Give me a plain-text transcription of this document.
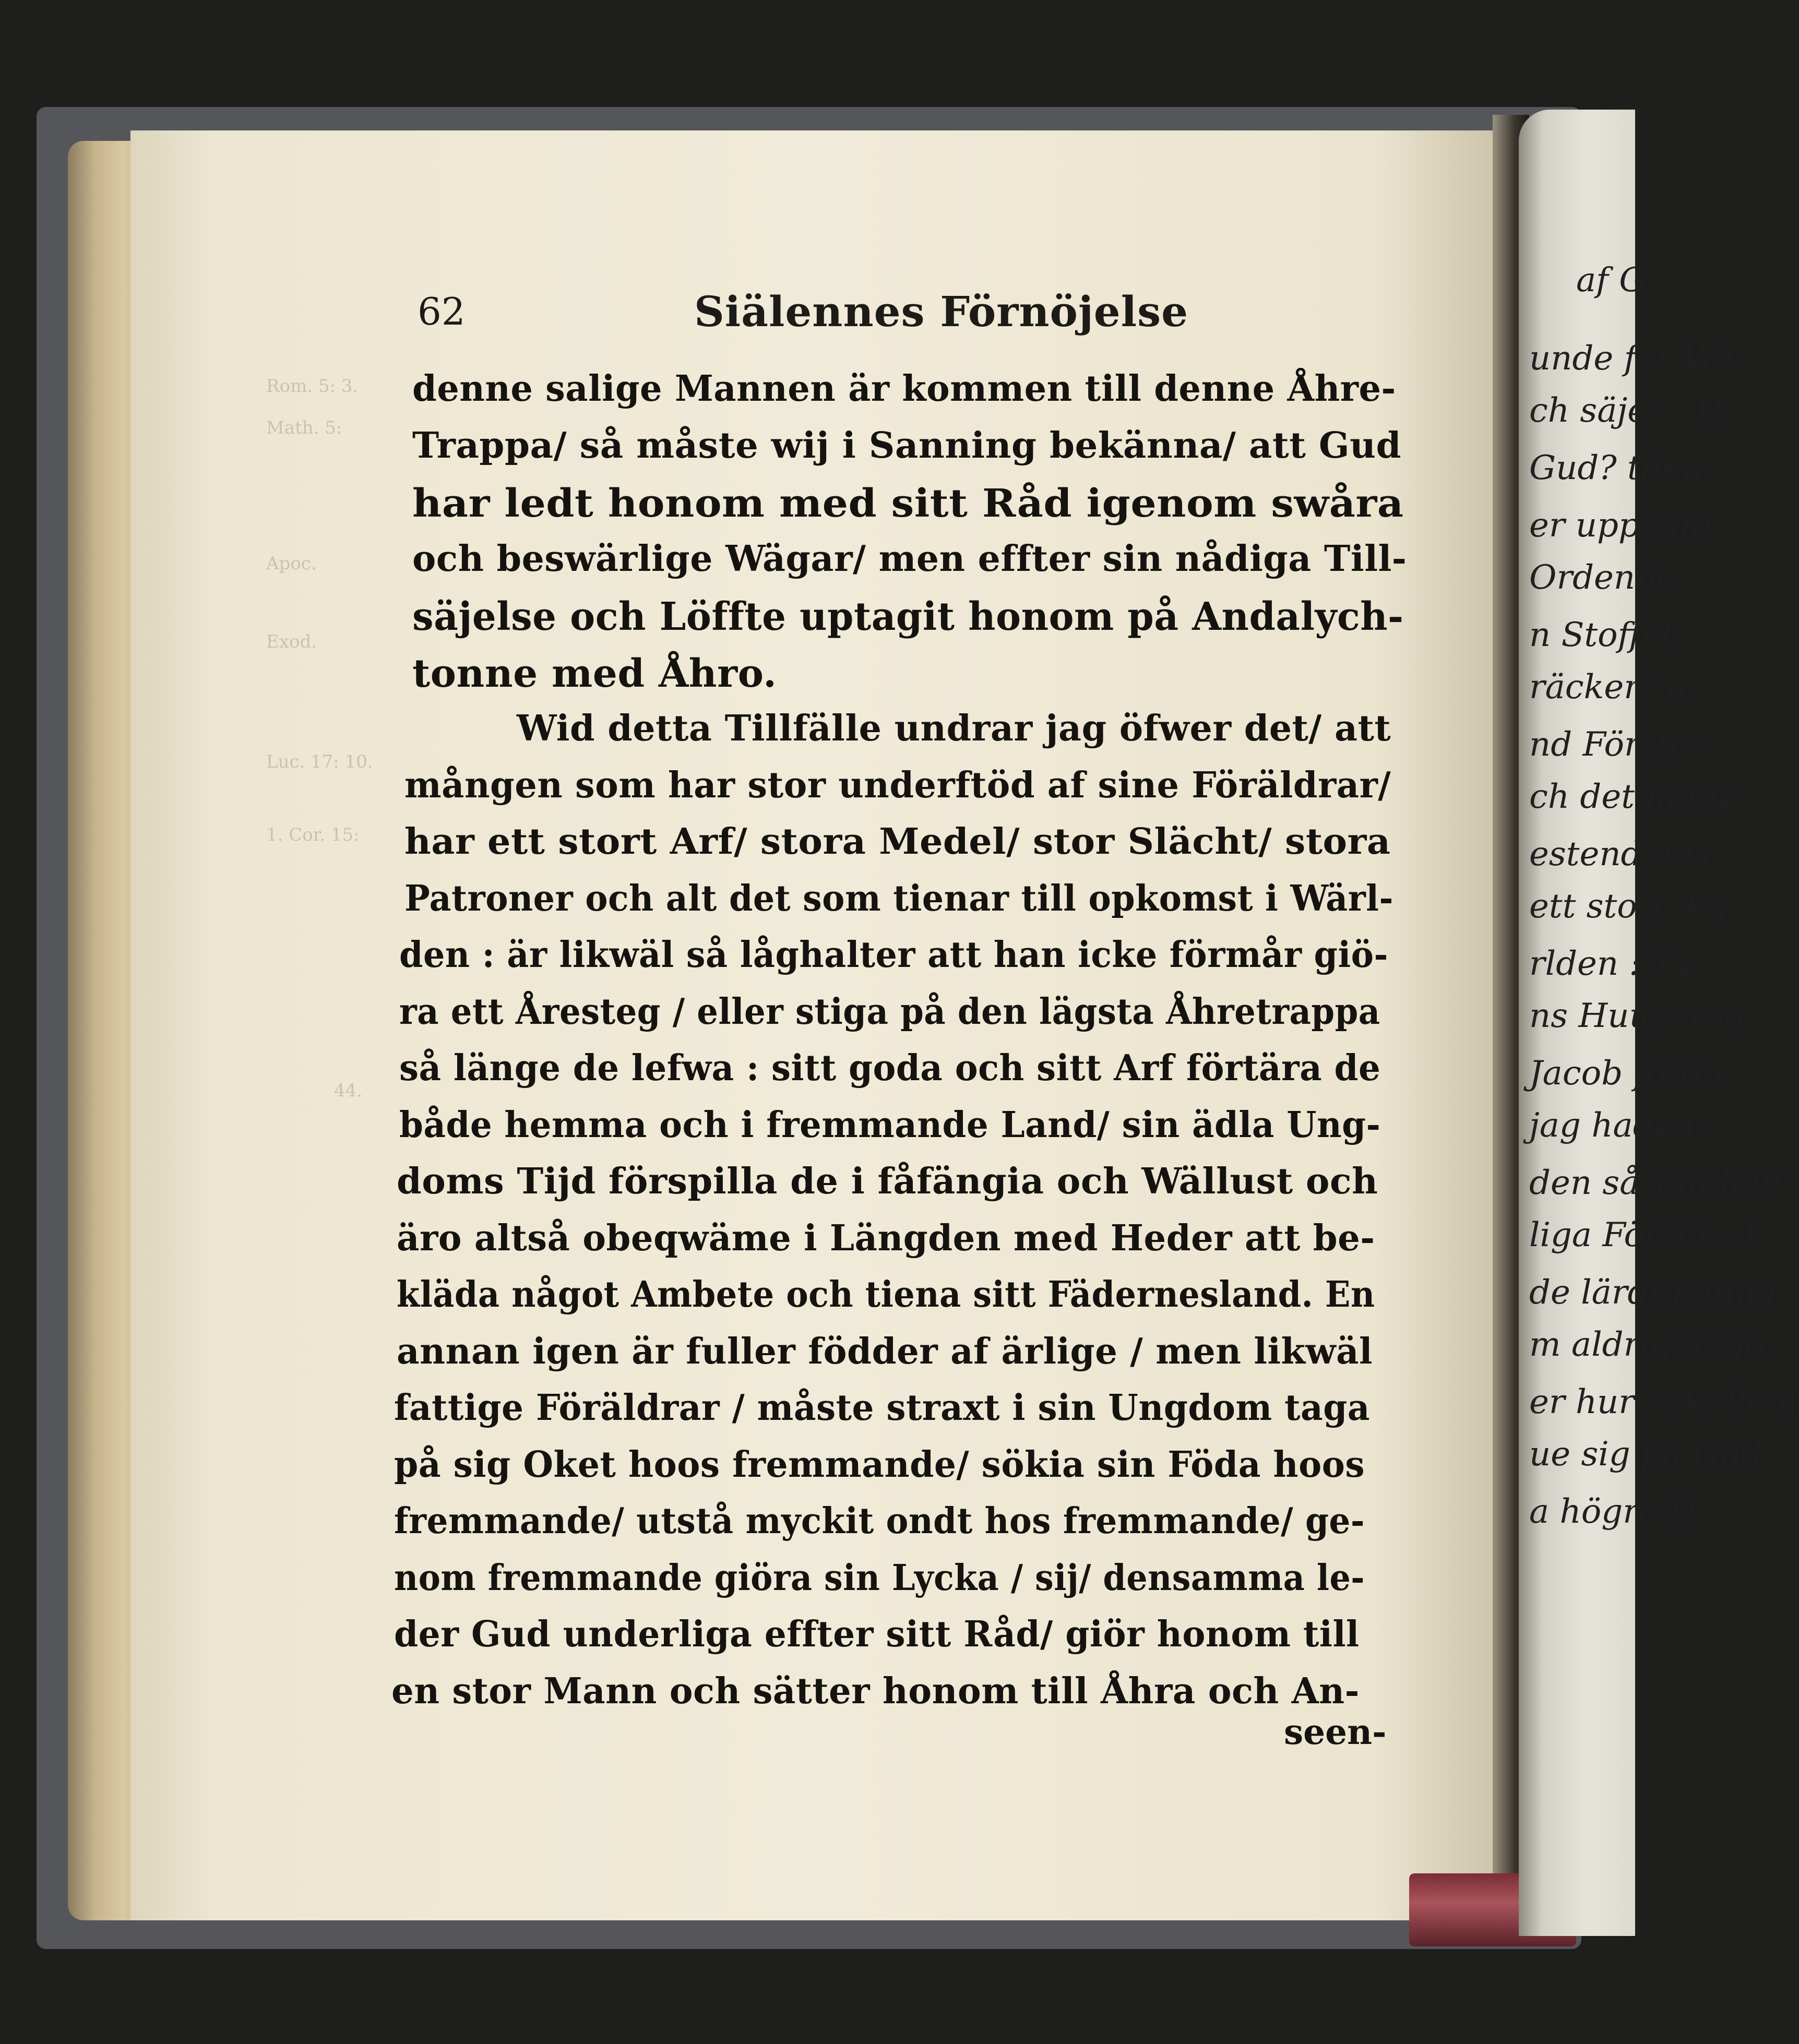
af G
unde för Wä
ch säjer : H
Gud? then
er uppå de
Ordenne.
n Stoffet
räcken/ a
nd Förstar
ch det måge
estendoms
ett stort Arf
rlden : Ty
ns Huus/ red
Jacob fordo
jag hade ic
den såsom han
liga Försorg t
de lärdt känna
m aldrig någo
er huru skulle h
ue sig på Gud
a högra H
Rom. 5: 3.
Math. 5:
Apoc.
Exod.
Luc. 17: 10.
1. Cor. 15:
44.
62	Siälennes Förnöjelse
denne salige Mannen är kommen till denne Åhre-
Trappa/ så måste wij i Sanning bekänna/ att Gud
har ledt honom med sitt Råd igenom swåra
och beswärlige Wägar/ men effter sin nådiga Till-
säjelse och Löffte uptagit honom på Andalych-
tonne med Åhro.
Wid detta Tillfälle undrar jag öfwer det/ att
mången som har stor underftöd af sine Föräldrar/
har ett stort Arf/ stora Medel/ stor Slächt/ stora
Patroner och alt det som tienar till opkomst i Wärl-
den : är likwäl så låghalter att han icke förmår giö-
ra ett Åresteg / eller stiga på den lägsta Åhretrappa
så länge de lefwa : sitt goda och sitt Arf förtära de
både hemma och i fremmande Land/ sin ädla Ung-
doms Tijd förspilla de i fåfängia och Wällust och
äro altså obeqwäme i Längden med Heder att be-
kläda något Ambete och tiena sitt Fädernesland. En
annan igen är fuller födder af ärlige / men likwäl
fattige Föräldrar / måste straxt i sin Ungdom taga
på sig Oket hoos fremmande/ sökia sin Föda hoos
fremmande/ utstå myckit ondt hos fremmande/ ge-
nom fremmande giöra sin Lycka / sij/ densamma le-
der Gud underliga effter sitt Råd/ giör honom till
en stor Mann och sätter honom till Åhra och An-
seen-
